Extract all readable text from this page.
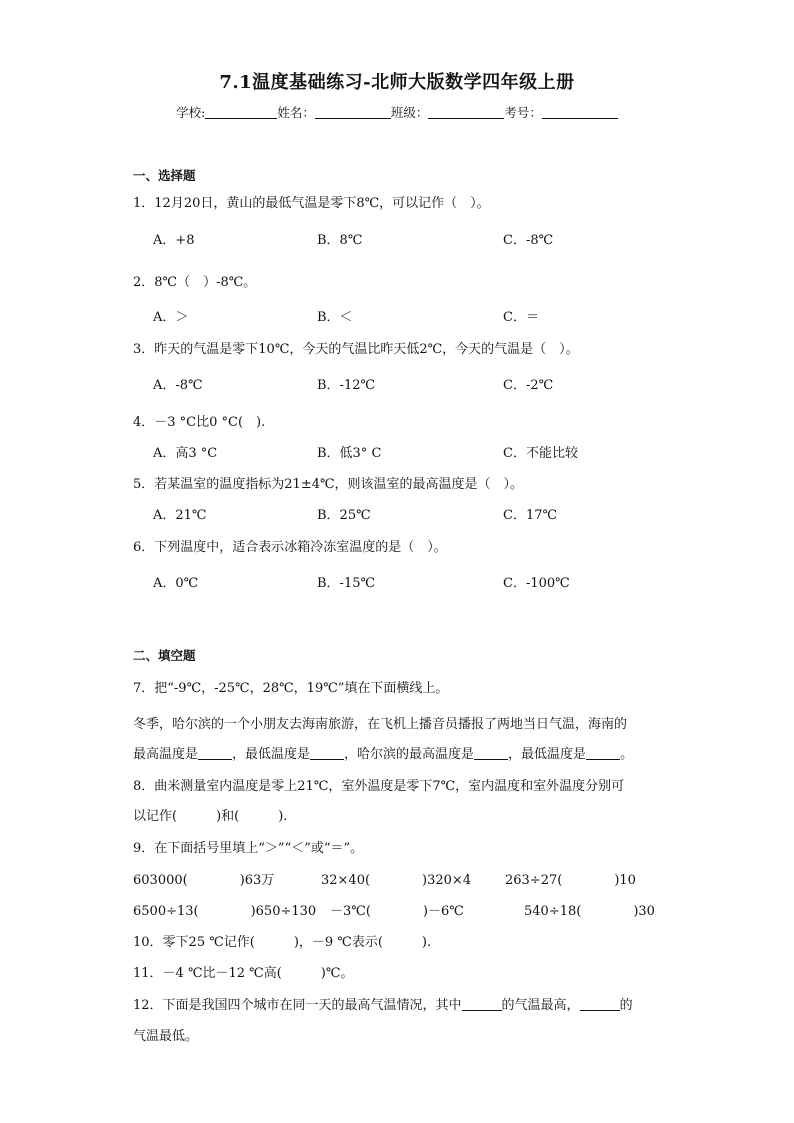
7.1温度基础练习-北师大版数学四年级上册
学校:	姓名：	班级：	考号：
一、选择题
1．12月20日，黄山的最低气温是零下8℃，可以记作（　）。
A．+8	B．8℃	C．-8℃
2．8℃（　）-8℃。
A．＞	B．＜	C．＝
3．昨天的气温是零下10℃，今天的气温比昨天低2℃，今天的气温是（　）。
A．-8℃	B．-12℃	C．-2℃
4．－3 °C比0 °C(　).
A．高3 °C	B．低3° C	C．不能比较
5．若某温室的温度指标为21±4℃，则该温室的最高温度是（　）。
A．21℃	B．25℃	C．17℃
6．下列温度中，适合表示冰箱冷冻室温度的是（　）。
A．0℃	B．-15℃	C．-100℃
二、填空题
7．把“-9℃，-25℃，28℃，19℃”填在下面横线上。
冬季，哈尔滨的一个小朋友去海南旅游，在飞机上播音员播报了两地当日气温，海南的
最高温度是	，最低温度是	，哈尔滨的最高温度是	，最低温度是	。
8．曲米测量室内温度是零上21℃，室外温度是零下7℃，室内温度和室外温度分别可
以记作(　　　)和(　　　).
9．在下面括号里填上“＞”“＜”或“＝”。
603000(　　　　)63万	32×40(　　　　)320×4	263÷27(　　　　)10
6500÷13(　　　　)650÷130 －3℃(　　　　)－6℃	540÷18(　　　　)30
10．零下25 ℃记作(　　　)，－9 ℃表示(　　　).
11．－4 ℃比－12 ℃高(　　　)℃。
12．下面是我国四个城市在同一天的最高气温情况，其中	的气温最高，	的
气温最低。
